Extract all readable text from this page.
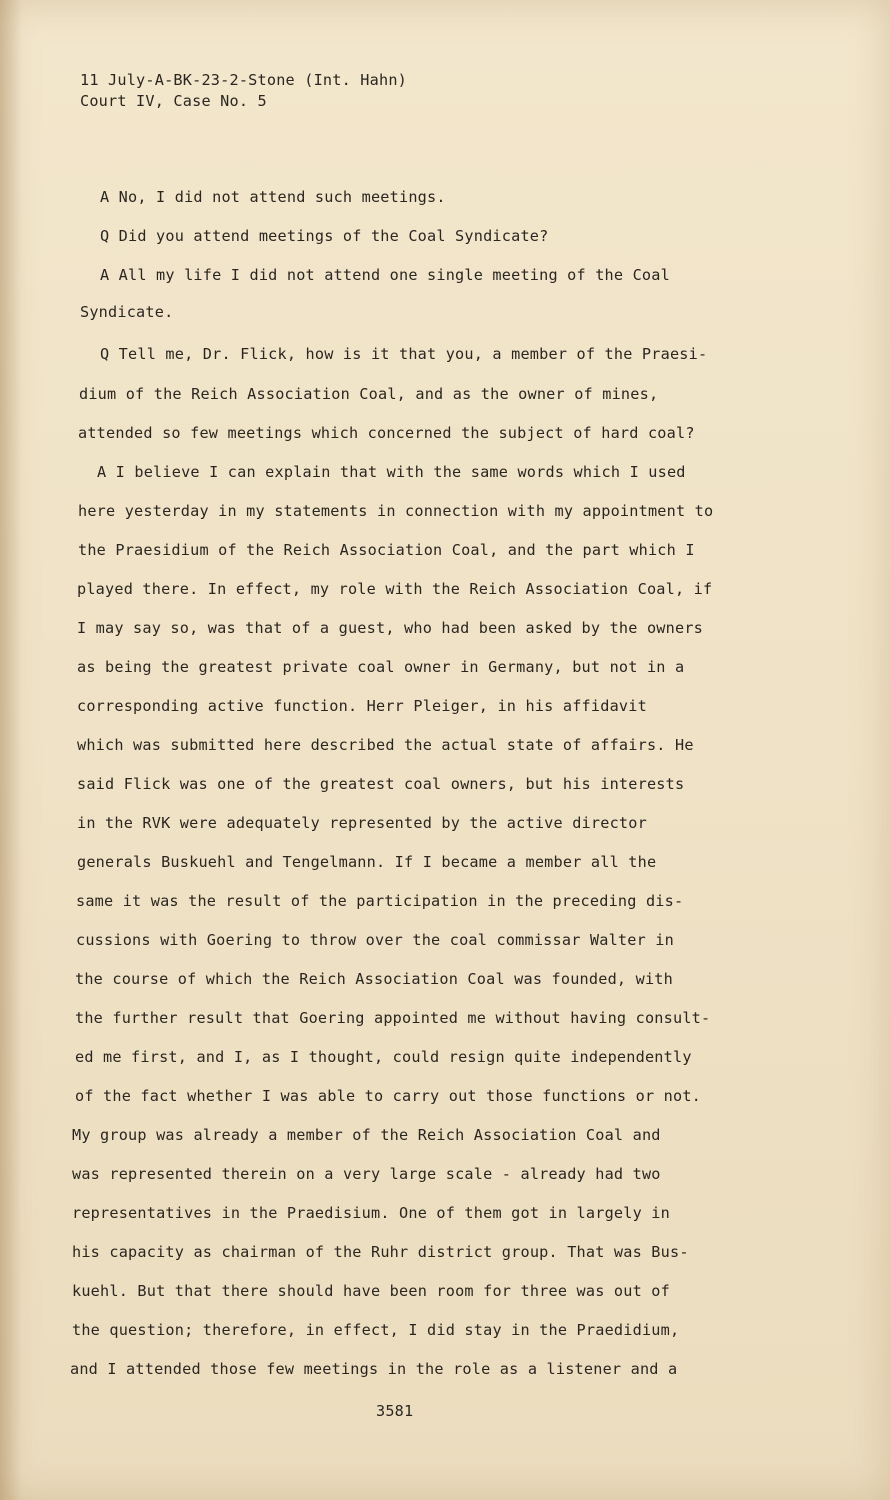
11 July-A-BK-23-2-Stone (Int. Hahn)
Court IV, Case No. 5
A No, I did not attend such meetings.
Q Did you attend meetings of the Coal Syndicate?
A All my life I did not attend one single meeting of the Coal
Syndicate.
Q Tell me, Dr. Flick, how is it that you, a member of the Praesi-
dium of the Reich Association Coal, and as the owner of mines,
attended so few meetings which concerned the subject of hard coal?
A I believe I can explain that with the same words which I used
here yesterday in my statements in connection with my appointment to
the Praesidium of the Reich Association Coal, and the part which I
played there. In effect, my role with the Reich Association Coal, if
I may say so, was that of a guest, who had been asked by the owners
as being the greatest private coal owner in Germany, but not in a
corresponding active function. Herr Pleiger, in his affidavit
which was submitted here described the actual state of affairs. He
said Flick was one of the greatest coal owners, but his interests
in the RVK were adequately represented by the active director
generals Buskuehl and Tengelmann. If I became a member all the
same it was the result of the participation in the preceding dis-
cussions with Goering to throw over the coal commissar Walter in
the course of which the Reich Association Coal was founded, with
the further result that Goering appointed me without having consult-
ed me first, and I, as I thought, could resign quite independently
of the fact whether I was able to carry out those functions or not.
My group was already a member of the Reich Association Coal and
was represented therein on a very large scale - already had two
representatives in the Praedisium. One of them got in largely in
his capacity as chairman of the Ruhr district group. That was Bus-
kuehl. But that there should have been room for three was out of
the question; therefore, in effect, I did stay in the Praedidium,
and I attended those few meetings in the role as a listener and a
3581
